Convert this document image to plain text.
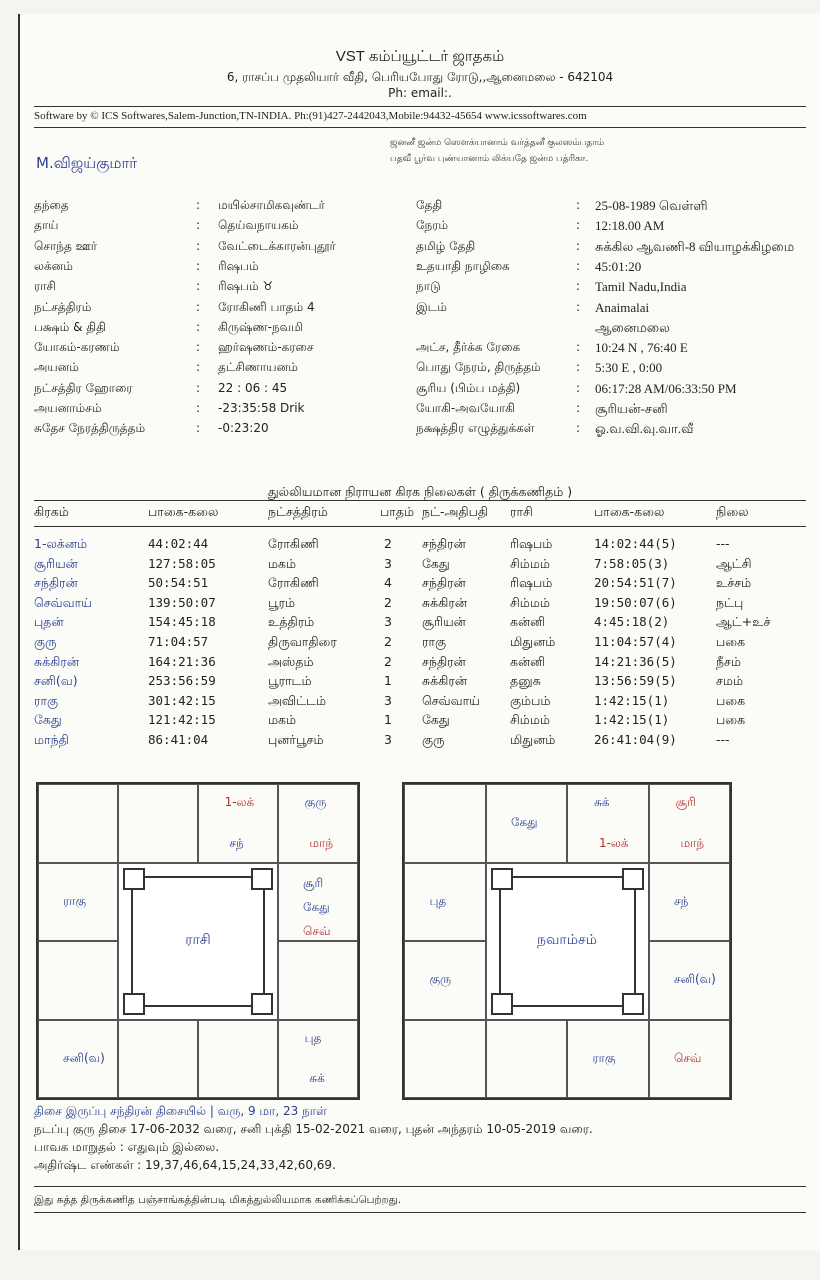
VST கம்ப்யூட்டர் ஜாதகம்
6, ராசப்ப முதலியார் வீதி, பெரியபோது ரோடு,,ஆனைமலை - 642104
Ph: email:.
Software by © ICS Softwares,Salem-Junction,TN-INDIA. Ph:(91)427-2442043,Mobile:94432-45654 www.icssoftwares.com
ஜனனீ ஜன்ம ஸௌக்யானாம் வர்த்தனீ குலஸம்பதாம்
பதவீ பூர்வ புண்யானாம் லிக்யதே ஜன்ம பத்ரிகா.
M.விஜய்குமார்
தந்தை	: மயில்சாமிகவுண்டர்
தாய்	: தெய்வநாயகம்
சொந்த ஊர்	: வேட்டைக்காரன்புதூர்
லக்னம்	: ரிஷபம்
ராசி	: ரிஷபம் ♉
நட்சத்திரம்	: ரோகிணி பாதம் 4
பக்ஷம் & திதி	: கிருஷ்ண-நவமி
யோகம்-கரணம்	: ஹர்ஷணம்-கரசை
அயனம்	: தட்சிணாயனம்
நட்சத்திர ஹோரை	: 22 : 06 : 45
அயனாம்சம்	: -23:35:58 Drik
சுதேச நேரத்திருத்தம்	: -0:23:20
தேதி	: 25-08-1989 வெள்ளி
நேரம்	: 12:18.00 AM
தமிழ் தேதி	: சுக்கில ஆவணி-8 வியாழக்கிழமை
உதயாதி நாழிகை	: 45:01:20
நாடு	: Tamil Nadu,India
இடம்	: Anaimalai
ஆனைமலை
அட்ச, தீர்க்க ரேகை	: 10:24 N , 76:40 E
பொது நேரம், திருத்தம்	: 5:30 E , 0:00
சூரிய (பிம்ப மத்தி)	: 06:17:28 AM/06:33:50 PM
யோகி-அவயோகி	: சூரியன்-சனி
நக்ஷத்திர எழுத்துக்கள்	: ஓ.வ.வி.வு.வா.வீ
துல்லியமான நிராயன கிரக நிலைகள் ( திருக்கணிதம் )
கிரகம்	பாகை-கலை	நட்சத்திரம்	பாதம் நட்-அதிபதி ராசி	பாகை-கலை	நிலை
1-லக்னம்	44:02:44	ரோகிணி	2 சந்திரன்	ரிஷபம்	14:02:44(5)	---
சூரியன்	127:58:05	மகம்	3 கேது	சிம்மம்	7:58:05(3)	ஆட்சி
சந்திரன்	50:54:51	ரோகிணி	4 சந்திரன்	ரிஷபம்	20:54:51(7)	உச்சம்
செவ்வாய்	139:50:07	பூரம்	2 சுக்கிரன்	சிம்மம்	19:50:07(6)	நட்பு
புதன்	154:45:18	உத்திரம்	3 சூரியன்	கன்னி	4:45:18(2)	ஆட்+உச்
குரு	71:04:57	திருவாதிரை	2 ராகு	மிதுனம்	11:04:57(4)	பகை
சுக்கிரன்	164:21:36	அஸ்தம்	2 சந்திரன்	கன்னி	14:21:36(5)	நீசம்
சனி(வ)	253:56:59	பூராடம்	1 சுக்கிரன்	தனுசு	13:56:59(5)	சமம்
ராகு	301:42:15	அவிட்டம்	3 செவ்வாய் கும்பம்	1:42:15(1)	பகை
கேது	121:42:15	மகம்	1 கேது	சிம்மம்	1:42:15(1)	பகை
மாந்தி	86:41:04	புனர்பூசம்	3 குரு	மிதுனம்	26:41:04(9)	---
1-லக்
சந்
குரு
மாந்
ராகு
சூரி
கேது
செவ்
சனி(வ)
புத
சுக்
ராசி
கேது
சுக்
1-லக்
சூரி
மாந்
புத	சந்
குரு	சனி(வ)
ராகு	செவ்
நவாம்சம்
திசை இருப்பு சந்திரன் திசையில் | வரு, 9 மா, 23 நாள்
நடப்பு குரு திசை 17-06-2032 வரை, சனி புக்தி 15-02-2021 வரை, புதன் அந்தரம் 10-05-2019 வரை.
பாவக மாறுதல் : எதுவும் இல்லை.
அதிர்ஷ்ட எண்கள் : 19,37,46,64,15,24,33,42,60,69.
இது சுத்த திருக்கணித பஞ்சாங்கத்தின்படி மிகத்துல்லியமாக கணிக்கப்பெற்றது.
